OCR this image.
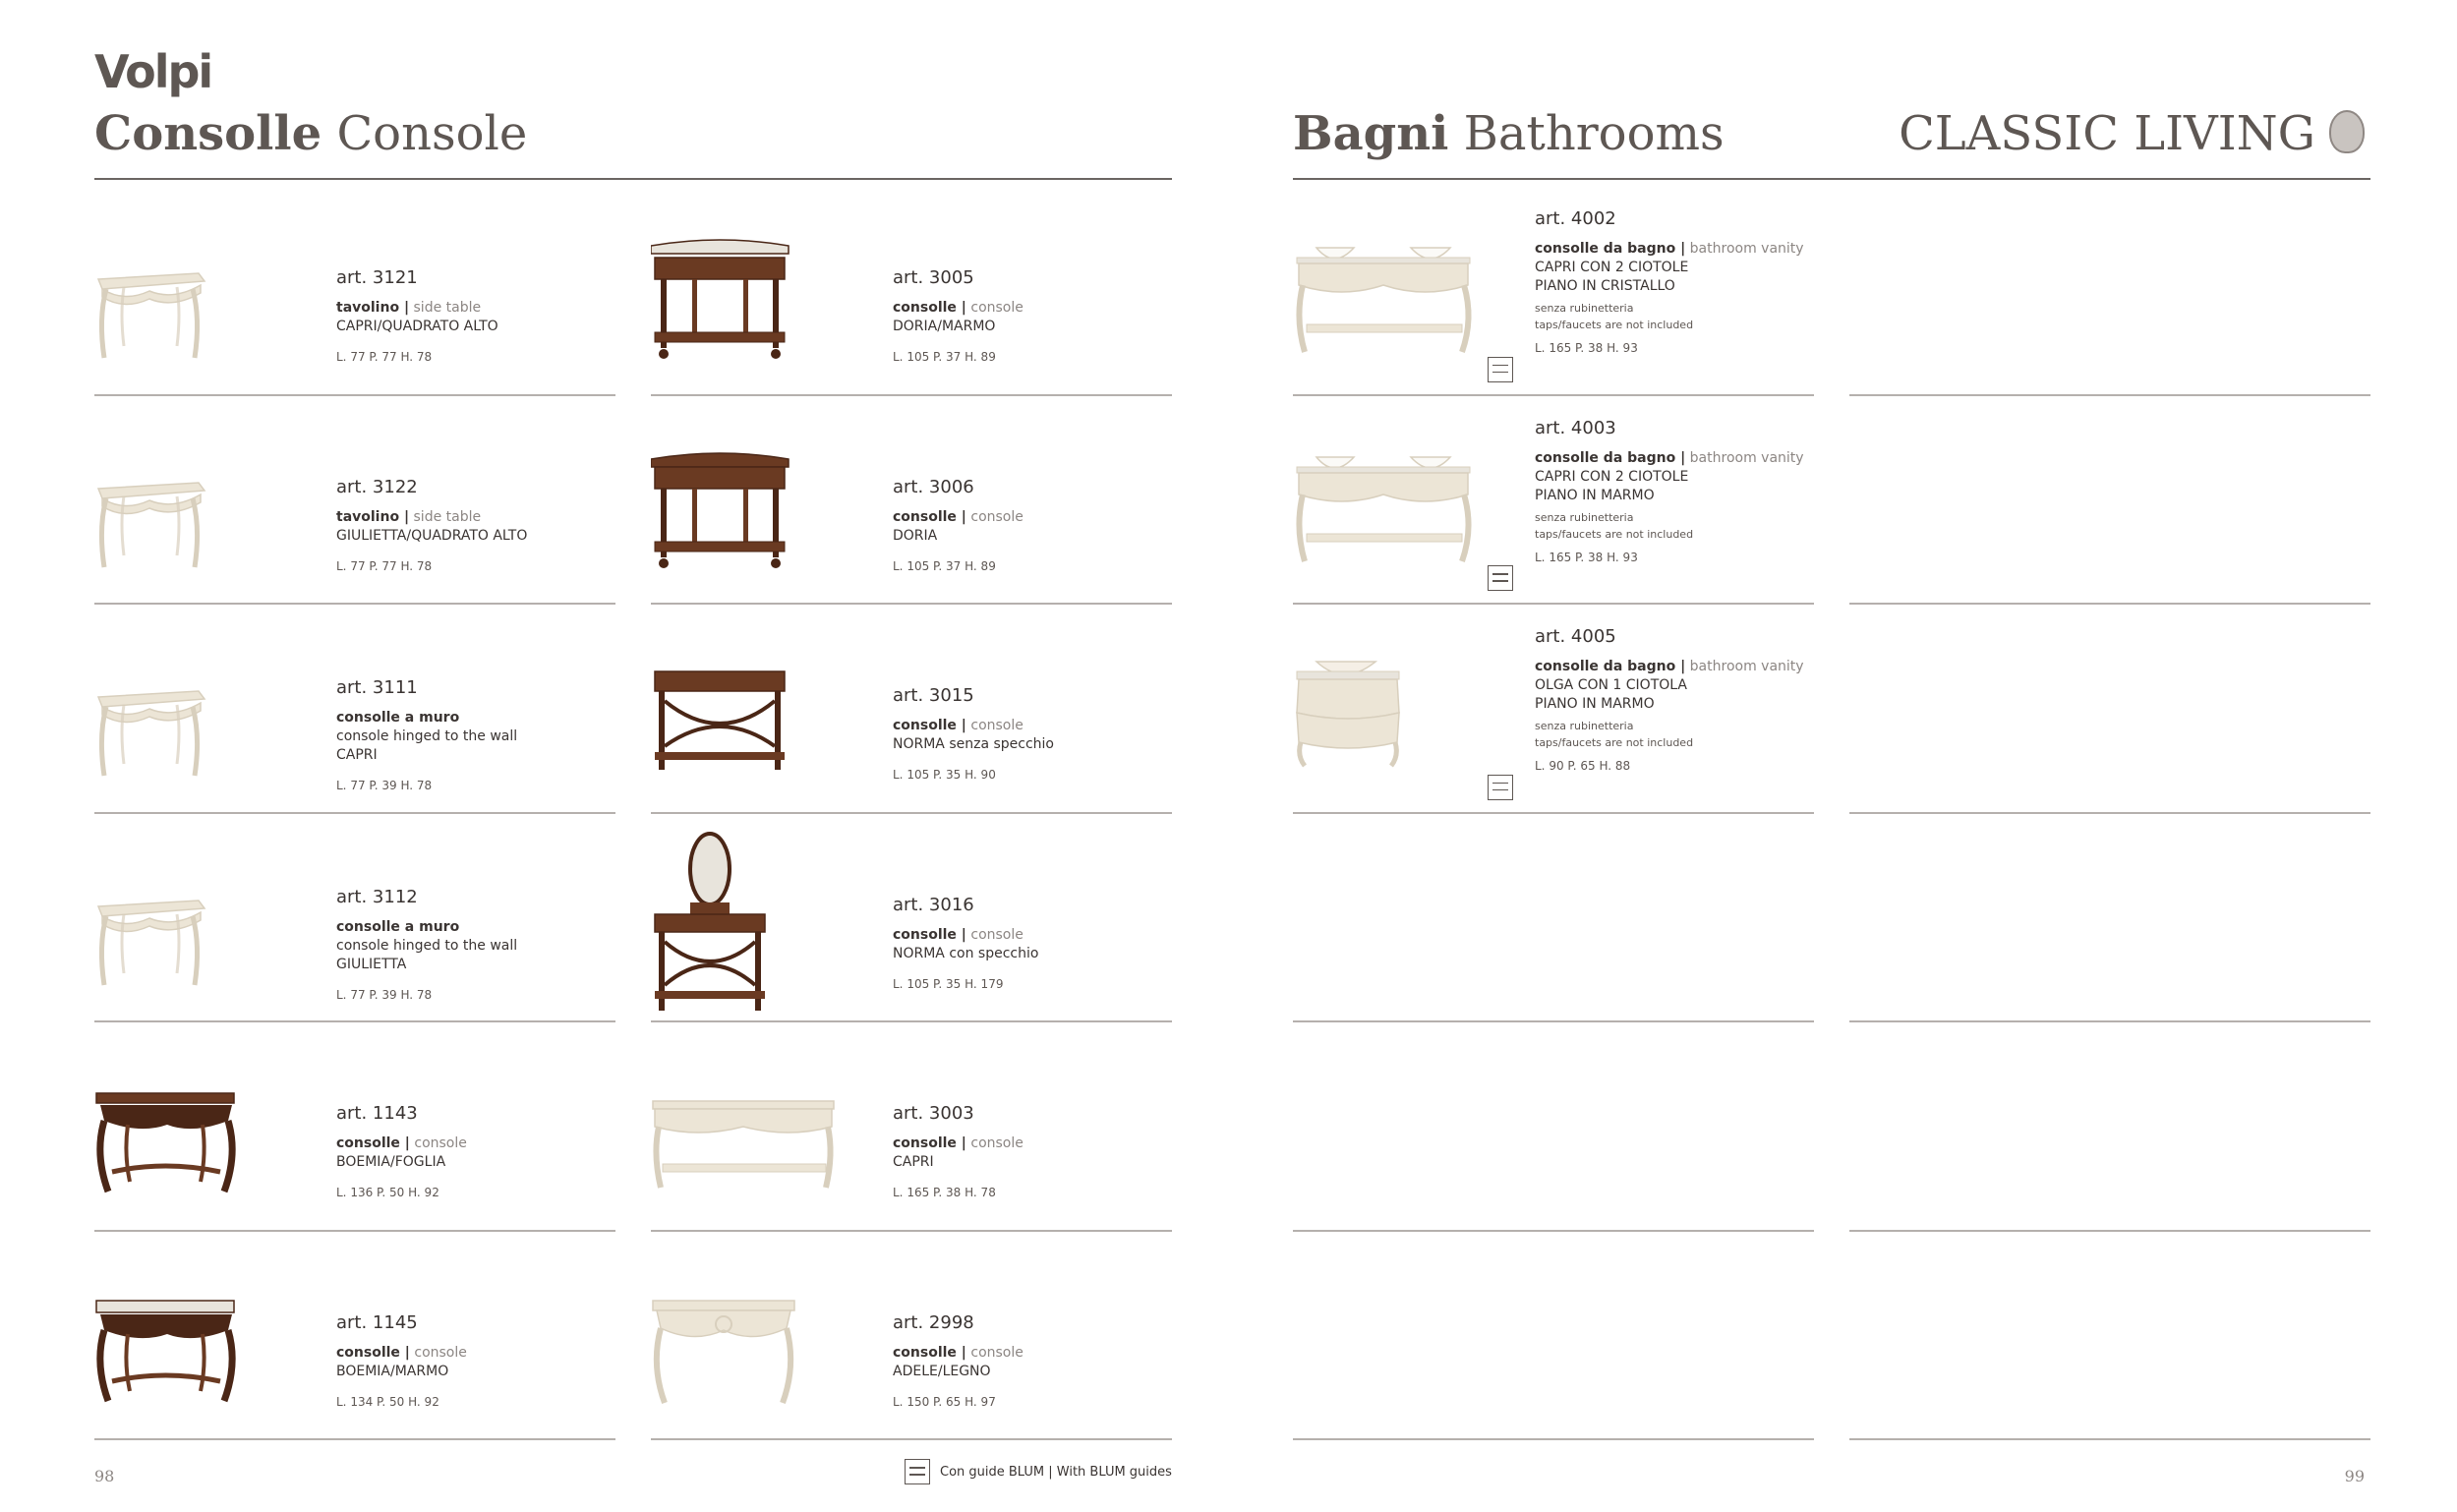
Volpi
Consolle Console	Bagni Bathrooms	CLASSIC LIVING
art. 3121
tavolino | side table
CAPRI/QUADRATO ALTO
L. 77 P. 77 H. 78
art. 3122
tavolino | side table
GIULIETTA/QUADRATO ALTO
L. 77 P. 77 H. 78
art. 3111
consolle a muro
console hinged to the wall
CAPRI
L. 77 P. 39 H. 78
art. 3112
consolle a muro
console hinged to the wall
GIULIETTA
L. 77 P. 39 H. 78
art. 1143
consolle | console
BOEMIA/FOGLIA
L. 136 P. 50 H. 92
art. 1145
consolle | console
BOEMIA/MARMO
L. 134 P. 50 H. 92
art. 3005
consolle | console
DORIA/MARMO
L. 105 P. 37 H. 89
art. 3006
consolle | console
DORIA
L. 105 P. 37 H. 89
art. 3015
consolle | console
NORMA senza specchio
L. 105 P. 35 H. 90
art. 3016
consolle | console
NORMA con specchio
L. 105 P. 35 H. 179
art. 3003
consolle | console
CAPRI
L. 165 P. 38 H. 78
art. 2998
consolle | console
ADELE/LEGNO
L. 150 P. 65 H. 97
art. 4002
consolle da bagno | bathroom vanity
CAPRI CON 2 CIOTOLE
PIANO IN CRISTALLO
senza rubinetteria
taps/faucets are not included
L. 165 P. 38 H. 93
art. 4003
consolle da bagno | bathroom vanity
CAPRI CON 2 CIOTOLE
PIANO IN MARMO
senza rubinetteria
taps/faucets are not included
L. 165 P. 38 H. 93
art. 4005
consolle da bagno | bathroom vanity
OLGA CON 1 CIOTOLA
PIANO IN MARMO
senza rubinetteria
taps/faucets are not included
L. 90 P. 65 H. 88
98	99
Con guide BLUM | With BLUM guides
